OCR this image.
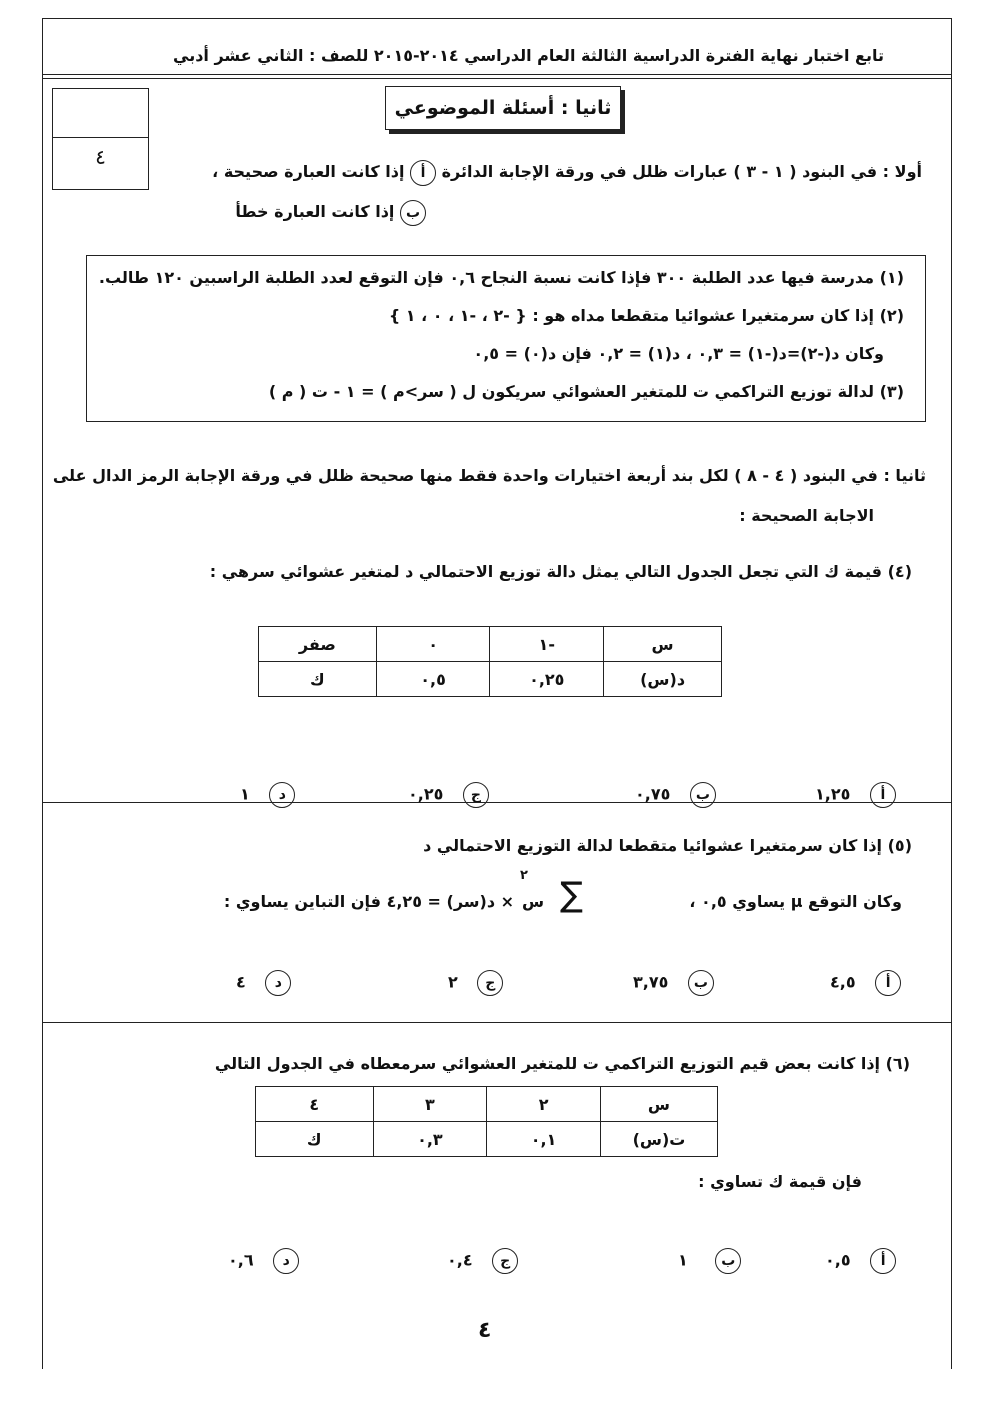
تابع اختبار نهاية الفترة الدراسية الثالثة العام الدراسي ٢٠١٤-٢٠١٥ للصف : الثاني عشر أدبي
٤
ثانيا : أسئلة الموضوعي
أولا : في البنود ( ١ - ٣ ) عبارات ظلل في ورقة الإجابة الدائرة أ إذا كانت العبارة صحيحة ،
ب إذا كانت العبارة خطأ
(١) مدرسة فيها عدد الطلبة ٣٠٠ فإذا كانت نسبة النجاح ٠,٦ فإن التوقع لعدد الطلبة الراسبين ١٢٠ طالب.
(٢) إذا كان سرمتغيرا عشوائيا متقطعا مداه هو : { -٢ ، -١ ، ٠ ، ١ }
وكان د(-٢)=د(-١) = ٠,٣ ، د(١) = ٠,٢ فإن د(٠) = ٠,٥
(٣) لدالة توزيع التراكمي ت للمتغير العشوائي سريكون ل ( سر>م ) = ١ - ت ( م )
ثانيا : في البنود ( ٤ - ٨ ) لكل بند أربعة اختيارات واحدة فقط منها صحيحة ظلل في ورقة الإجابة الرمز الدال على
الاجابة الصحيحة :
(٤) قيمة ك التي تجعل الجدول التالي يمثل دالة توزيع الاحتمالي د لمتغير عشوائي سرهي :
س	-١	٠	صفر
د(س)	٠,٢٥	٠,٥	ك
١,٢٥ أ
٠,٧٥ ب
٠,٢٥ ج
١ د
(٥) إذا كان سرمتغيرا عشوائيا متقطعا لدالة التوزيع الاحتمالي د
وكان التوقع µ يساوي ٠,٥ ،
∑
س
٢
× د(سر) = ٤,٢٥ فإن التباين يساوي :
٤,٥ أ
٣,٧٥ ب
٢ ج
٤ د
(٦) إذا كانت بعض قيم التوزيع التراكمي ت للمتغير العشوائي سرمعطاه في الجدول التالي
س	٢	٣	٤
ت(س)	٠,١	٠,٣	ك
فإن قيمة ك تساوي :
٠,٥ أ
١ ب
٠,٤ ج
٠,٦ د
٤
